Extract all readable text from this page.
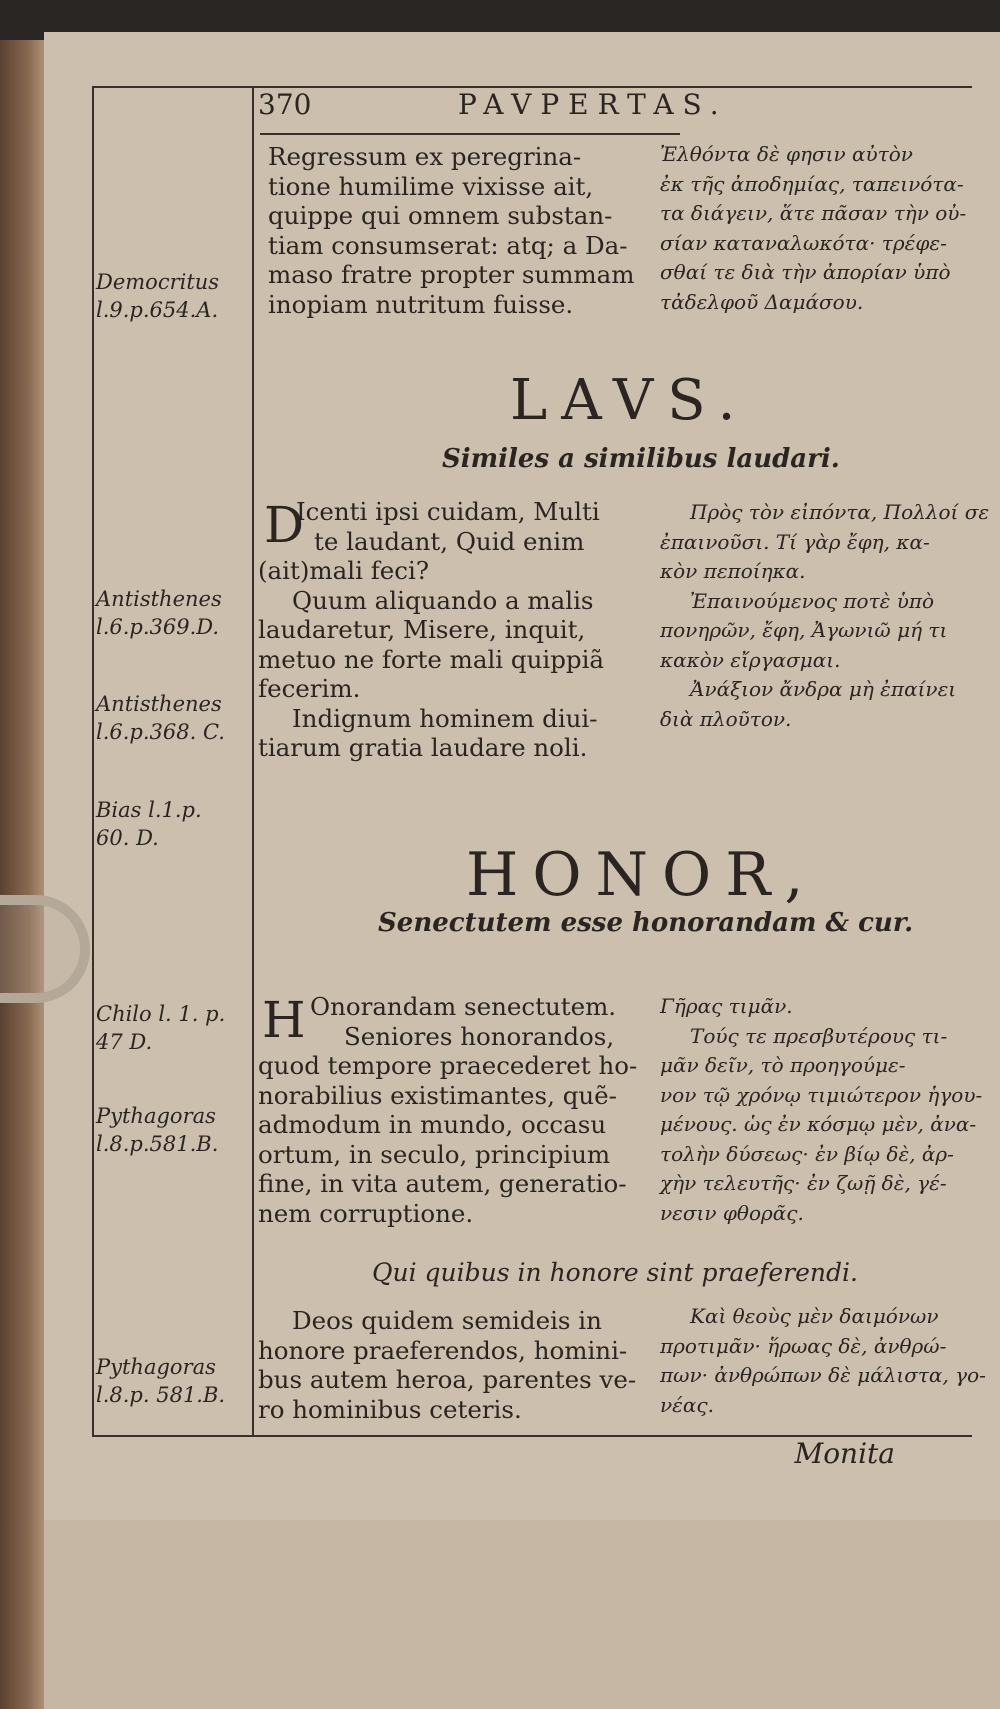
370	PAVPERTAS.
Democritus
l.9.p.654.A.
Regressum ex peregrina-
tione humilime vixisse ait,
quippe qui omnem substan-
tiam consumserat: atq; a Da-
maso fratre propter summam
inopiam nutritum fuisse.
Ἐλθόντα δὲ φησιν αὐτὸν
ἐκ τῆς ἀποδημίας, ταπεινότα-
τα διάγειν, ἅτε πᾶσαν τὴν οὐ-
σίαν καταναλωκότα· τρέφε-
σθαί τε διὰ τὴν ἀπορίαν ὑπὸ
τἀδελφοῦ Δαμάσου.
LAVS.
Similes a similibus laudari.
Antisthenes
l.6.p.369.D.
Antisthenes
l.6.p.368. C.
Bias l.1.p.
60. D.
D
Icenti ipsi cuidam, Multi
te laudant, Quid enim
(ait)mali feci?
Quum aliquando a malis
laudaretur, Misere, inquit,
metuo ne forte mali quippiã
fecerim.
Indignum hominem diui-
tiarum gratia laudare noli.
Πρὸς τὸν εἰπόντα, Πολλοί σε
ἐπαινοῦσι. Τί γὰρ ἔφη, κα-
κὸν πεποίηκα.
Ἐπαινούμενος ποτὲ ὑπὸ
πονηρῶν, ἔφη, Ἀγωνιῶ μή τι
κακὸν εἴργασμαι.
Ἀνάξιον ἄνδρα μὴ ἐπαίνει
διὰ πλοῦτον.
HONOR,
Senectutem esse honorandam & cur.
Chilo l. 1. p.
47 D.
Pythagoras
l.8.p.581.B.
Pythagoras
l.8.p. 581.B.
H Onorandam senectutem.
Seniores honorandos,
quod tempore praecederet ho-
norabilius existimantes, quẽ-
admodum in mundo, occasu
ortum, in seculo, principium
fine, in vita autem, generatio-
nem corruptione.
Γῆρας τιμᾶν.
Τούς τε πρεσβυτέρους τι-
μᾶν δεῖν, τὸ προηγούμε-
νον τῷ χρόνῳ τιμιώτερον ἡγου-
μένους. ὡς ἐν κόσμῳ μὲν, ἀνα-
τολὴν δύσεως· ἐν βίῳ δὲ, ἀρ-
χὴν τελευτῆς· ἐν ζωῇ δὲ, γέ-
νεσιν φθορᾶς.
Qui quibus in honore sint praeferendi.
Deos quidem semideis in
honore praeferendos, homini-
bus autem heroa, parentes ve-
ro hominibus ceteris.
Καὶ θεοὺς μὲν δαιμόνων
προτιμᾶν· ἥρωας δὲ, ἀνθρώ-
πων· ἀνθρώπων δὲ μάλιστα, γο-
νέας.
Monita
